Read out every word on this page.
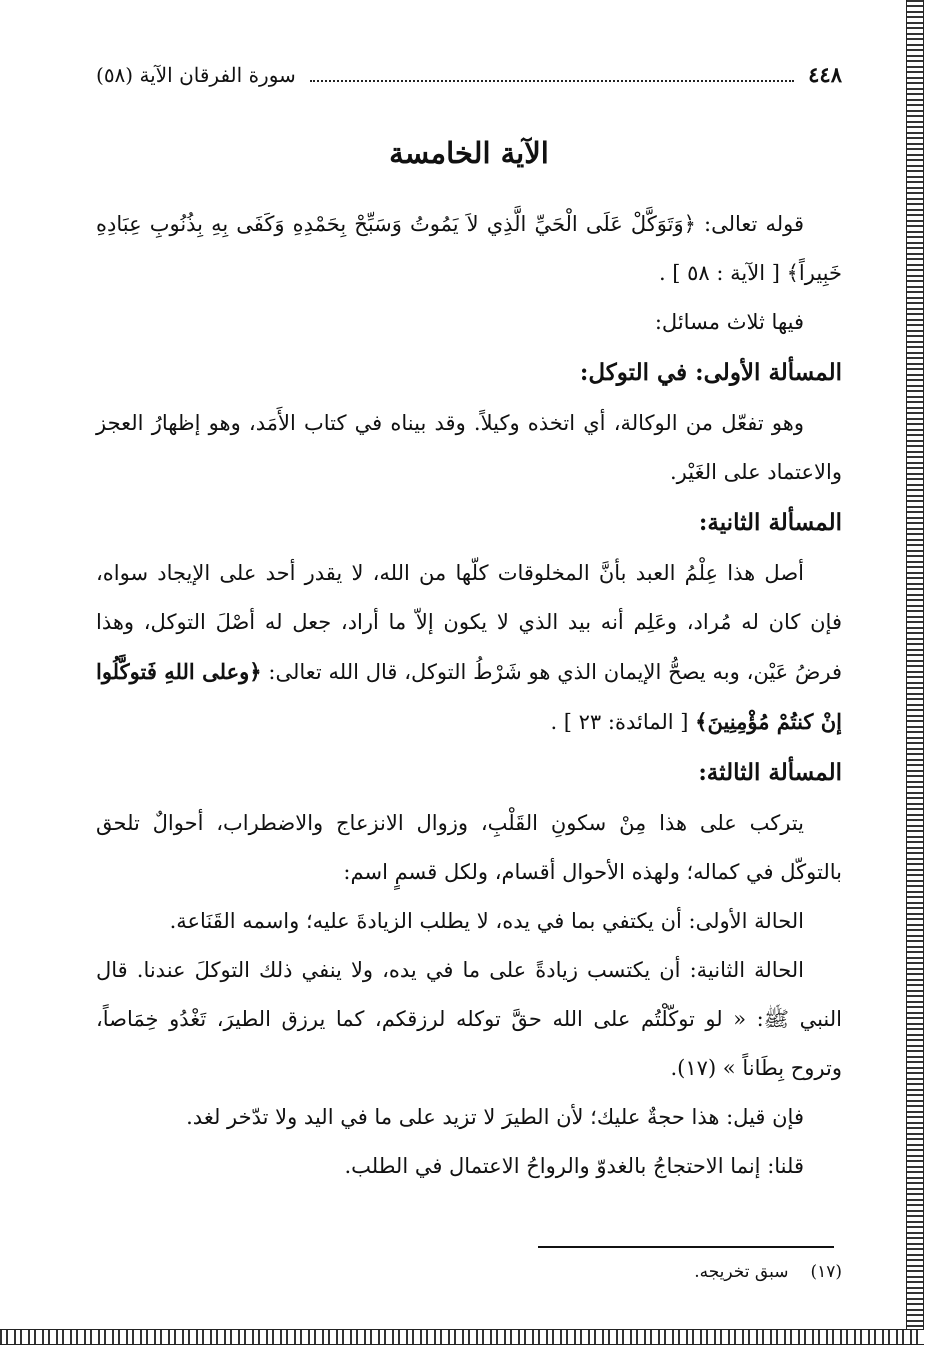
٤٤٨
سورة الفرقان الآية (٥٨)
الآية الخامسة

قوله تعالى: ﴿وَتَوَكَّلْ عَلَى الْحَيِّ الَّذِي لاَ يَمُوتُ وَسَبِّحْ بِحَمْدِهِ وَكَفَى بِهِ بِذُنُوبِ عِبَادِهِ خَبِيراً﴾ [ الآية : ٥٨ ] .

فيها ثلاث مسائل:

المسألة الأولى: في التوكل:

وهو تفعّل من الوكالة، أي اتخذه وكيلاً. وقد بيناه في كتاب الأَمَد، وهو إظهارُ العجز والاعتماد على الغَيْر.

المسألة الثانية:

أصل هذا عِلْمُ العبد بأنَّ المخلوقات كلّها من الله، لا يقدر أحد على الإيجاد سواه، فإن كان له مُراد، وعَلِم أنه بيد الذي لا يكون إلاّ ما أراد، جعل له أصْلَ التوكل، وهذا فرضُ عَيْن، وبه يصحُّ الإيمان الذي هو شَرْطُ التوكل، قال الله تعالى: ﴿وعلى اللهِ فَتوكَّلُوا إنْ كنتُمْ مُؤْمِنِينَ﴾ [ المائدة: ٢٣ ] .

المسألة الثالثة:

يتركب على هذا مِنْ سكونِ القَلْبِ، وزوال الانزعاج والاضطراب، أحوالٌ تلحق بالتوكّل في كماله؛ ولهذه الأحوال أقسام، ولكل قسمٍ اسم:

الحالة الأولى: أن يكتفي بما في يده، لا يطلب الزيادةَ عليه؛ واسمه القَنَاعة.

الحالة الثانية: أن يكتسب زيادةً على ما في يده، ولا ينفي ذلك التوكلَ عندنا. قال النبي ﷺ: « لو توكّلْتُم على الله حقَّ توكله لرزقكم، كما يرزق الطيرَ، تَغْدُو خِمَاصاً، وتروح بِطَاناً » (١٧).

فإن قيل: هذا حجةٌ عليك؛ لأن الطيرَ لا تزيد على ما في اليد ولا تدّخر لغد.

قلنا: إنما الاحتجاجُ بالغدوّ والرواحُ الاعتمال في الطلب.

(١٧)
سبق تخريجه.
